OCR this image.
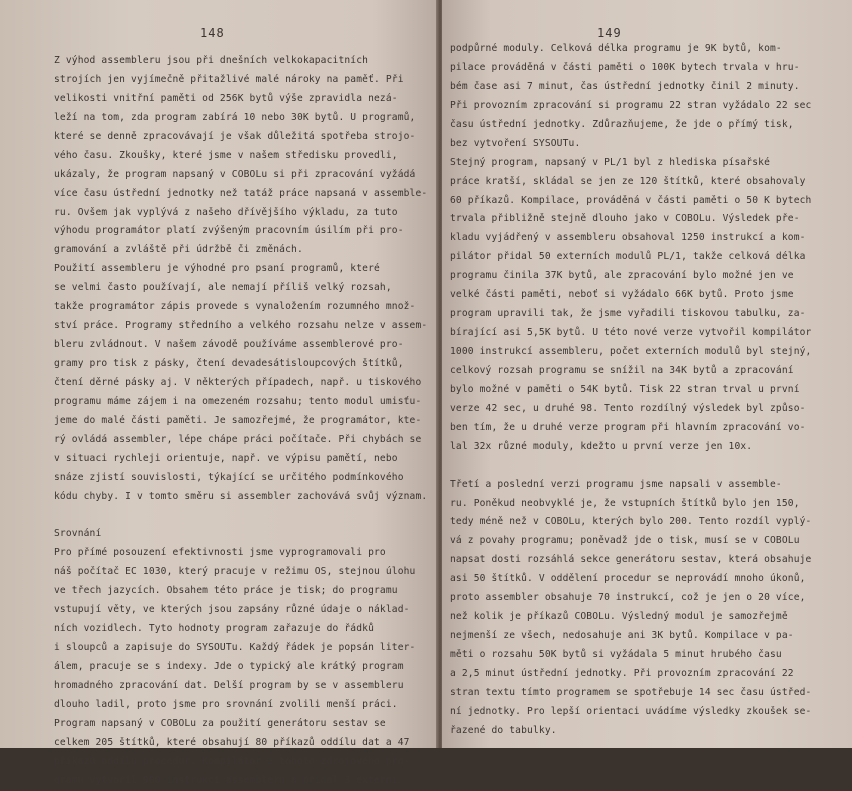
148
Z výhod assembleru jsou při dnešních velkokapacitních
strojích jen vyjímečně přitažlivé malé nároky na paměť. Při
velikosti vnitřní paměti od 256K bytů výše zpravidla nezá-
leží na tom, zda program zabírá 10 nebo 30K bytů. U programů,
které se denně zpracovávají je však důležitá spotřeba strojo-
vého času. Zkoušky, které jsme v našem středisku provedli,
ukázaly, že program napsaný v COBOLu si při zpracování vyžádá
více času ústřední jednotky než tatáž práce napsaná v assemble-
ru. Ovšem jak vyplývá z našeho dřívějšího výkladu, za tuto
výhodu programátor platí zvýšeným pracovním úsilím při pro-
gramování a zvláště při údržbě či změnách.
Použití assembleru je výhodné pro psaní programů, které
se velmi často používají, ale nemají příliš velký rozsah,
takže programátor zápis provede s vynaložením rozumného množ-
ství práce. Programy středního a velkého rozsahu nelze v assem-
bleru zvládnout. V našem závodě používáme assemblerové pro-
gramy pro tisk z pásky, čtení devadesátisloupcových štítků,
čtení děrné pásky aj. V některých případech, např. u tiskového
programu máme zájem i na omezeném rozsahu; tento modul umisťu-
jeme do malé části paměti. Je samozřejmé, že programátor, kte-
rý ovládá assembler, lépe chápe práci počítače. Při chybách se
v situaci rychleji orientuje, např. ve výpisu pamětí, nebo
snáze zjistí souvislosti, týkající se určitého podmínkového
kódu chyby. I v tomto směru si assembler zachovává svůj význam.
Srovnání
Pro přímé posouzení efektivnosti jsme vyprogramovali pro
náš počítač EC 1030, který pracuje v režimu OS, stejnou úlohu
ve třech jazycích. Obsahem této práce je tisk; do programu
vstupují věty, ve kterých jsou zapsány různé údaje o náklad-
ních vozidlech. Tyto hodnoty program zařazuje do řádků
i sloupců a zapisuje do SYSOUTu. Každý řádek je popsán liter-
álem, pracuje se s indexy. Jde o typický ale krátký program
hromadného zpracování dat. Delší program by se v assembleru
dlouho ladil, proto jsme pro srovnání zvolili menší práci.
Program napsaný v COBOLu za použití generátoru sestav se
celkem 205 štítků, které obsahují 80 příkazů oddílu dat a 47
příkazů oddílu procedur. Kompilátor z tohoto zdrojového pro-
gramu vytvořil 900 instrukcí assembleru a přidal 3 externí
149
podpůrné moduly. Celková délka programu je 9K bytů, kom-
pilace prováděná v části paměti o 100K bytech trvala v hru-
bém čase asi 7 minut, čas ústřední jednotky činil 2 minuty.
Při provozním zpracování si programu 22 stran vyžádalo 22 sec
času ústřední jednotky. Zdůrazňujeme, že jde o přímý tisk,
bez vytvoření SYSOUTu.
Stejný program, napsaný v PL/1 byl z hlediska písařské
práce kratší, skládal se jen ze 120 štítků, které obsahovaly
60 příkazů. Kompilace, prováděná v části paměti o 50 K bytech
trvala přibližně stejně dlouho jako v COBOLu. Výsledek pře-
kladu vyjádřený v assembleru obsahoval 1250 instrukcí a kom-
pilátor přidal 50 externích modulů PL/1, takže celková délka
programu činila 37K bytů, ale zpracování bylo možné jen ve
velké části paměti, neboť si vyžádalo 66K bytů. Proto jsme
program upravili tak, že jsme vyřadili tiskovou tabulku, za-
bírající asi 5,5K bytů. U této nové verze vytvořil kompilátor
1000 instrukcí assembleru, počet externích modulů byl stejný,
celkový rozsah programu se snížil na 34K bytů a zpracování
bylo možné v paměti o 54K bytů. Tisk 22 stran trval u první
verze 42 sec, u druhé 98. Tento rozdílný výsledek byl způso-
ben tím, že u druhé verze program při hlavním zpracování vo-
lal 32x různé moduly, kdežto u první verze jen 10x.
Třetí a poslední verzi programu jsme napsali v assemble-
ru. Poněkud neobvyklé je, že vstupních štítků bylo jen 150,
tedy méně než v COBOLu, kterých bylo 200. Tento rozdíl vyplý-
vá z povahy programu; poněvadž jde o tisk, musí se v COBOLu
napsat dosti rozsáhlá sekce generátoru sestav, která obsahuje
asi 50 štítků. V oddělení procedur se neprovádí mnoho úkonů,
proto assembler obsahuje 70 instrukcí, což je jen o 20 více,
než kolik je příkazů COBOLu. Výsledný modul je samozřejmě
nejmenší ze všech, nedosahuje ani 3K bytů. Kompilace v pa-
měti o rozsahu 50K bytů si vyžádala 5 minut hrubého času
a 2,5 minut ústřední jednotky. Při provozním zpracování 22
stran textu tímto programem se spotřebuje 14 sec času ústřed-
ní jednotky. Pro lepší orientaci uvádíme výsledky zkoušek se-
řazené do tabulky.
